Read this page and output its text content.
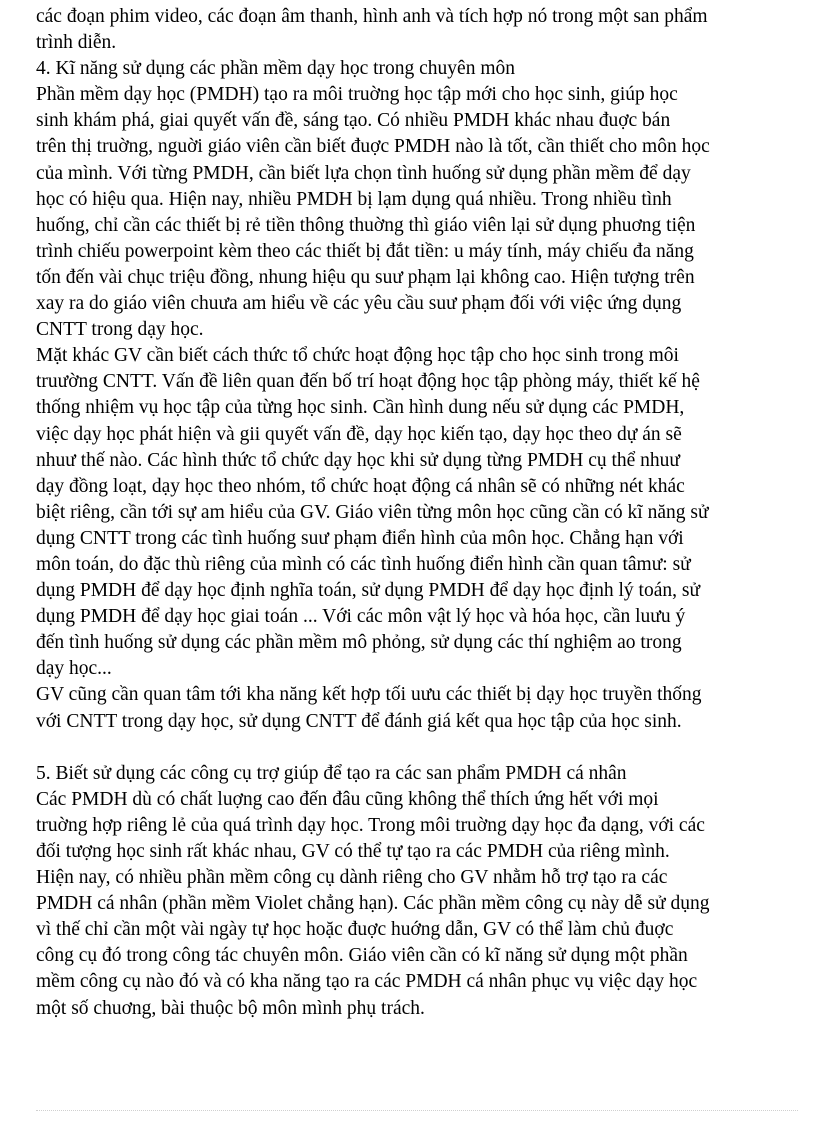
các đoạn phim video, các đoạn âm thanh, hình anh và tích hợp nó trong một san phẩm
trình diễn.
4. Kĩ năng sử dụng các phần mềm dạy học trong chuyên môn
Phần mềm dạy học (PMDH) tạo ra môi truờng học tập mới cho học sinh, giúp học
sinh khám phá, giai quyết vấn đề, sáng tạo. Có nhiều PMDH khác nhau đuợc bán
trên thị truờng, nguời giáo viên cần biết đuợc PMDH nào là tốt, cần thiết cho môn học
của mình. Với từng PMDH, cần biết lựa chọn tình huống sử dụng phần mềm để dạy
học có hiệu qua. Hiện nay, nhiều PMDH bị lạm dụng quá nhiều. Trong nhiều tình
huống, chỉ cần các thiết bị rẻ tiền thông thuờng thì giáo viên lại sử dụng phuơng tiện
trình chiếu powerpoint kèm theo các thiết bị đắt tiền: u máy tính, máy chiếu đa năng
tốn đến vài chục triệu đồng, nhung hiệu qu suư phạm lại không cao. Hiện tượng trên
xay ra do giáo viên chuưa am hiểu về các yêu cầu suư phạm đối với việc ứng dụng
CNTT trong dạy học.
Mặt khác GV cần biết cách thức tổ chức hoạt động học tập cho học sinh trong môi
truường CNTT. Vấn đề liên quan đến bố trí hoạt động học tập phòng máy, thiết kế hệ
thống nhiệm vụ học tập của từng học sinh. Cần hình dung nếu sử dụng các PMDH,
việc dạy học phát hiện và gii quyết vấn đề, dạy học kiến tạo, dạy học theo dự án sẽ
nhuư thế nào. Các hình thức tổ chức dạy học khi sử dụng từng PMDH cụ thể nhuư
dạy đồng loạt, dạy học theo nhóm, tổ chức hoạt động cá nhân sẽ có những nét khác
biệt riêng, cần tới sự am hiểu của GV. Giáo viên từng môn học cũng cần có kĩ năng sử
dụng CNTT trong các tình huống suư phạm điển hình của môn học. Chẳng hạn với
môn toán, do đặc thù riêng của mình có các tình huống điển hình cần quan tâmư: sử
dụng PMDH để dạy học định nghĩa toán, sử dụng PMDH để dạy học định lý toán, sử
dụng PMDH để dạy học giai toán ... Với các môn vật lý học và hóa học, cần luưu ý
đến tình huống sử dụng các phần mềm mô phỏng, sử dụng các thí nghiệm ao trong
dạy học...
GV cũng cần quan tâm tới kha năng kết hợp tối uưu các thiết bị dạy học truyền thống
với CNTT trong dạy học, sử dụng CNTT để đánh giá kết qua học tập của học sinh.
5. Biết sử dụng các công cụ trợ giúp để tạo ra các san phẩm PMDH cá nhân
Các PMDH dù có chất luợng cao đến đâu cũng không thể thích ứng hết với mọi
truờng hợp riêng lẻ của quá trình dạy học. Trong môi truờng dạy học đa dạng, với các
đối tượng học sinh rất khác nhau, GV có thể tự tạo ra các PMDH của riêng mình.
Hiện nay, có nhiều phần mềm công cụ dành riêng cho GV nhằm hỗ trợ tạo ra các
PMDH cá nhân (phần mềm Violet chẳng hạn). Các phần mềm công cụ này dễ sử dụng
vì thế chỉ cần một vài ngày tự học hoặc đuợc huớng dẫn, GV có thể làm chủ đuợc
công cụ đó trong công tác chuyên môn. Giáo viên cần có kĩ năng sử dụng một phần
mềm công cụ nào đó và có kha năng tạo ra các PMDH cá nhân phục vụ việc dạy học
một số chuơng, bài thuộc bộ môn mình phụ trách.
